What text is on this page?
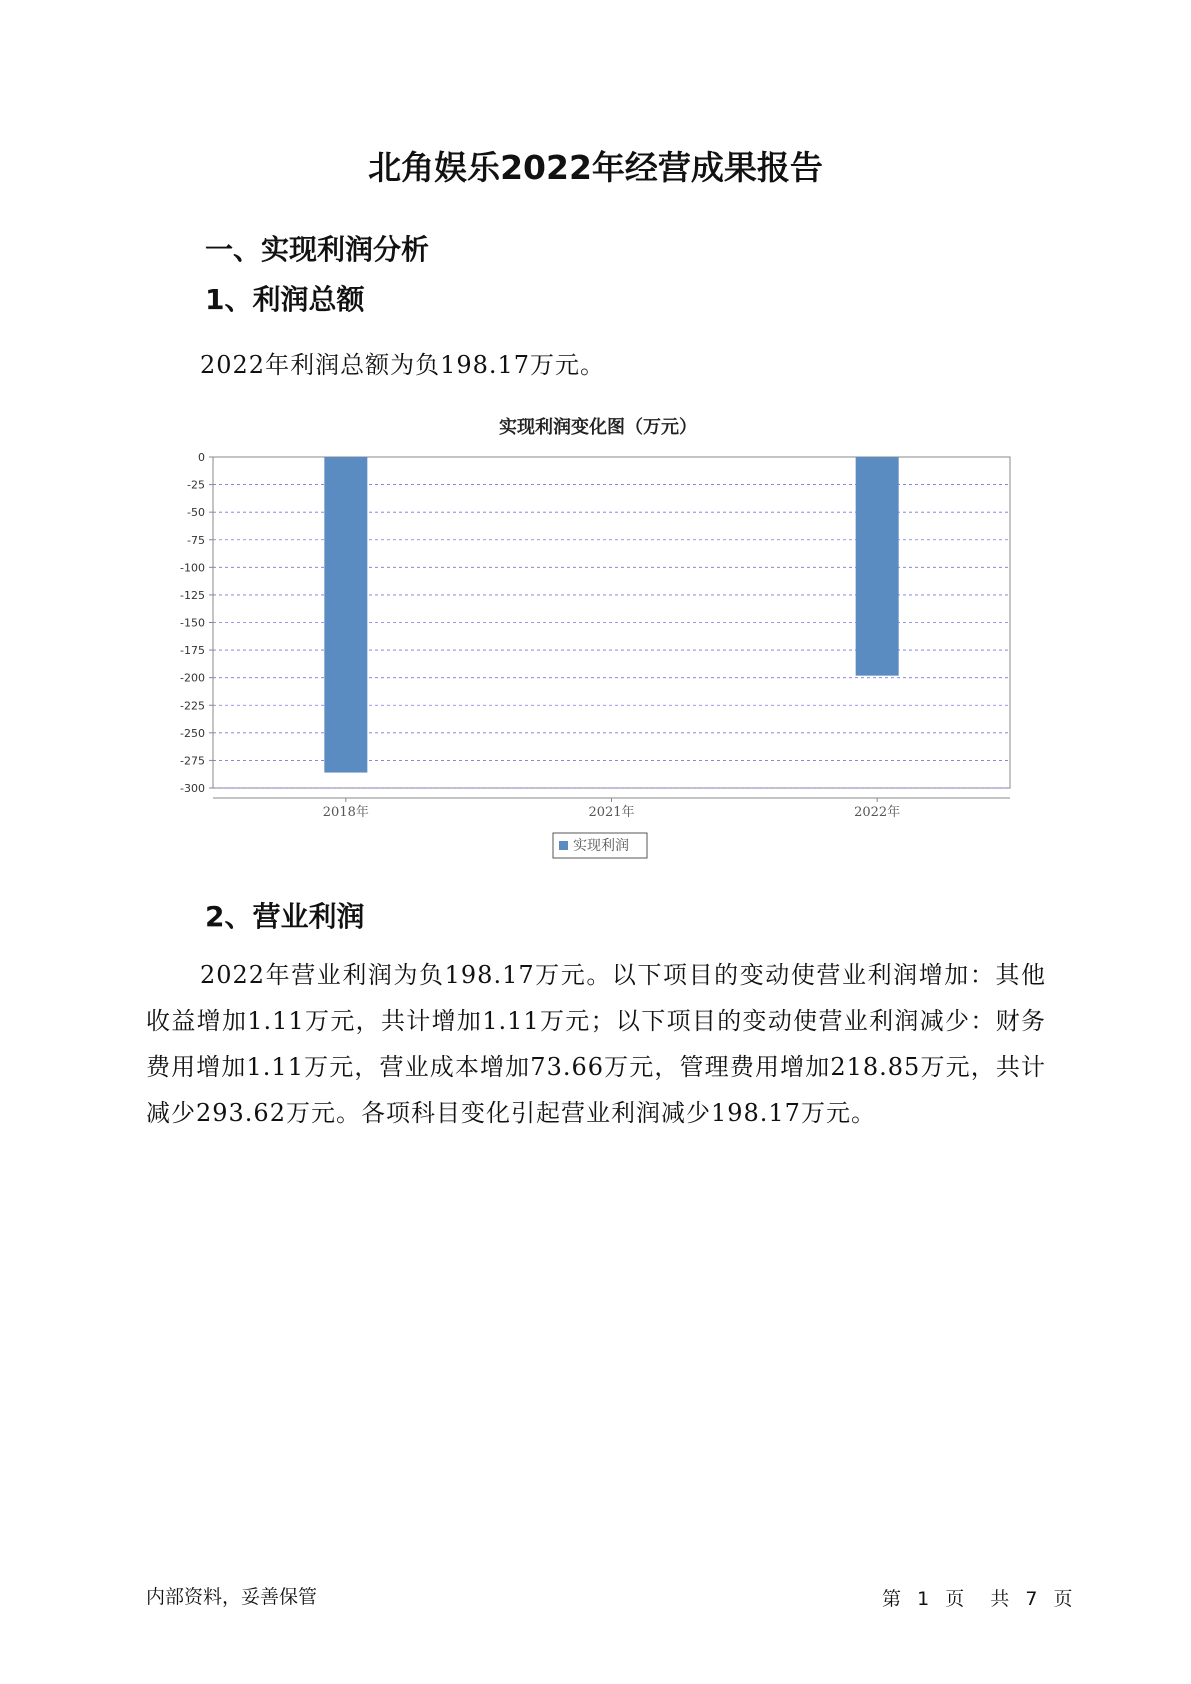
北角娱乐2022年经营成果报告
一、实现利润分析
1、利润总额
2022年利润总额为负198.17万元。
实现利润变化图（万元）
0
-25
-50
-75
-100
-125
-150
-175
-200
-225
-250
-275
-300
2018年	2021年	2022年
实现利润
2、营业利润
2022年营业利润为负198.17万元。以下项目的变动使营业利润增加：其他收益增加1.11万元，共计增加1.11万元；以下项目的变动使营业利润减少：财务费用增加1.11万元，营业成本增加73.66万元，管理费用增加218.85万元，共计减少293.62万元。各项科目变化引起营业利润减少198.17万元。
内部资料，妥善保管	第 1 页 共 7 页
